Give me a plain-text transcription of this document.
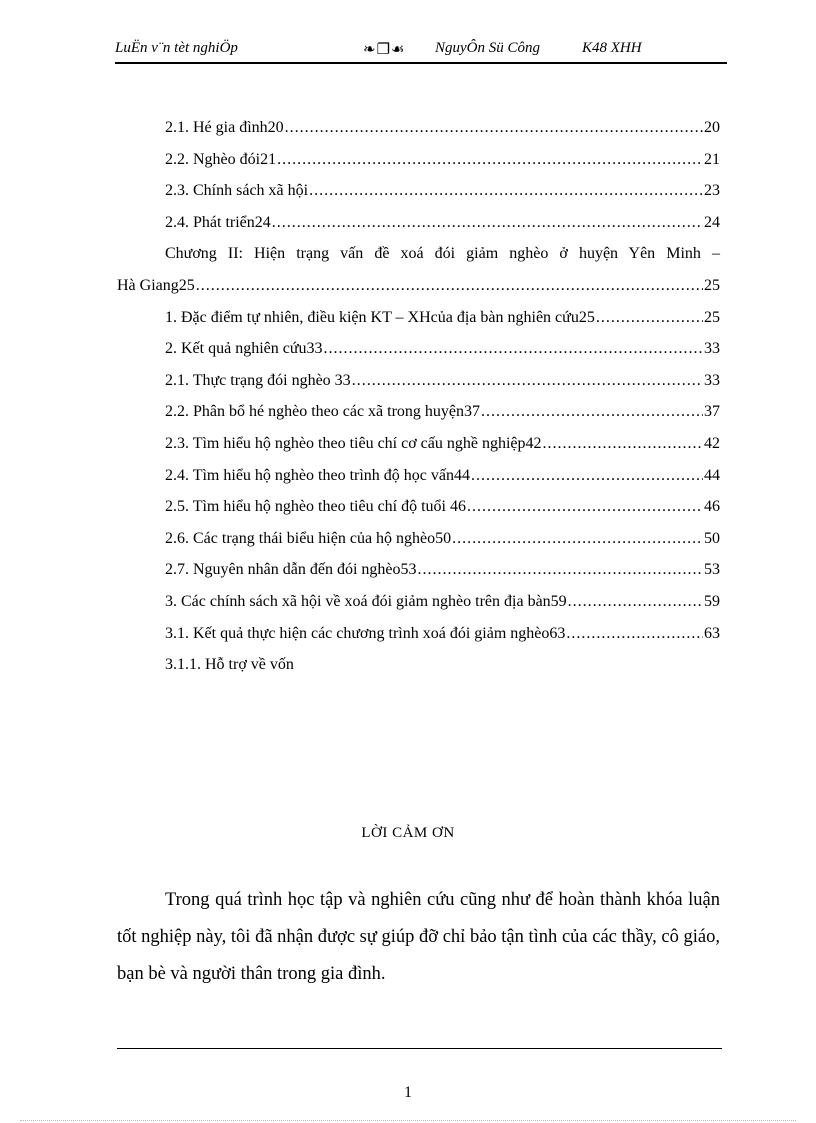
LuËn v¨n tèt nghiÖp	❧❐☙ NguyÔn Sü Công	K48 XHH
2.1. Hé gia đình20 .....	20
2.2. Nghèo đói21 .....	21
2.3. Chính sách xã hội .....	23
2.4. Phát triển24 .....	24
Chương II: Hiện trạng vấn đề xoá đói giảm nghèo ở huyện Yên Minh –
Hà Giang25 .....	25
1. Đặc điểm tự nhiên, điều kiện KT – XHcủa địa bàn nghiên cứu25 .....	25
2. Kết quả nghiên cứu33 .....	33
2.1. Thực trạng đói nghèo 33 .....	33
2.2. Phân bổ hé nghèo theo các xã trong huyện37 .....	37
2.3. Tìm hiểu hộ nghèo theo tiêu chí cơ cấu nghề nghiệp42 .....	42
2.4. Tìm hiểu hộ nghèo theo trình độ học vấn44 .....	44
2.5. Tìm hiểu hộ nghèo theo tiêu chí độ tuổi 46 .....	46
2.6. Các trạng thái biểu hiện của hộ nghèo50 .....	50
2.7. Nguyên nhân dẫn đến đói nghèo53 .....	53
3. Các chính sách xã hội về xoá đói giảm nghèo trên địa bàn59 .....	59
3.1. Kết quả thực hiện các chương trình xoá đói giảm nghèo63 .....	63
3.1.1. Hỗ trợ về vốn
LỜI CẢM ƠN
Trong quá trình học tập và nghiên cứu cũng như để hoàn thành khóa luận tốt nghiệp này, tôi đã nhận được sự giúp đỡ chỉ bảo tận tình của các thầy, cô giáo, bạn bè và người thân trong gia đình.
1
